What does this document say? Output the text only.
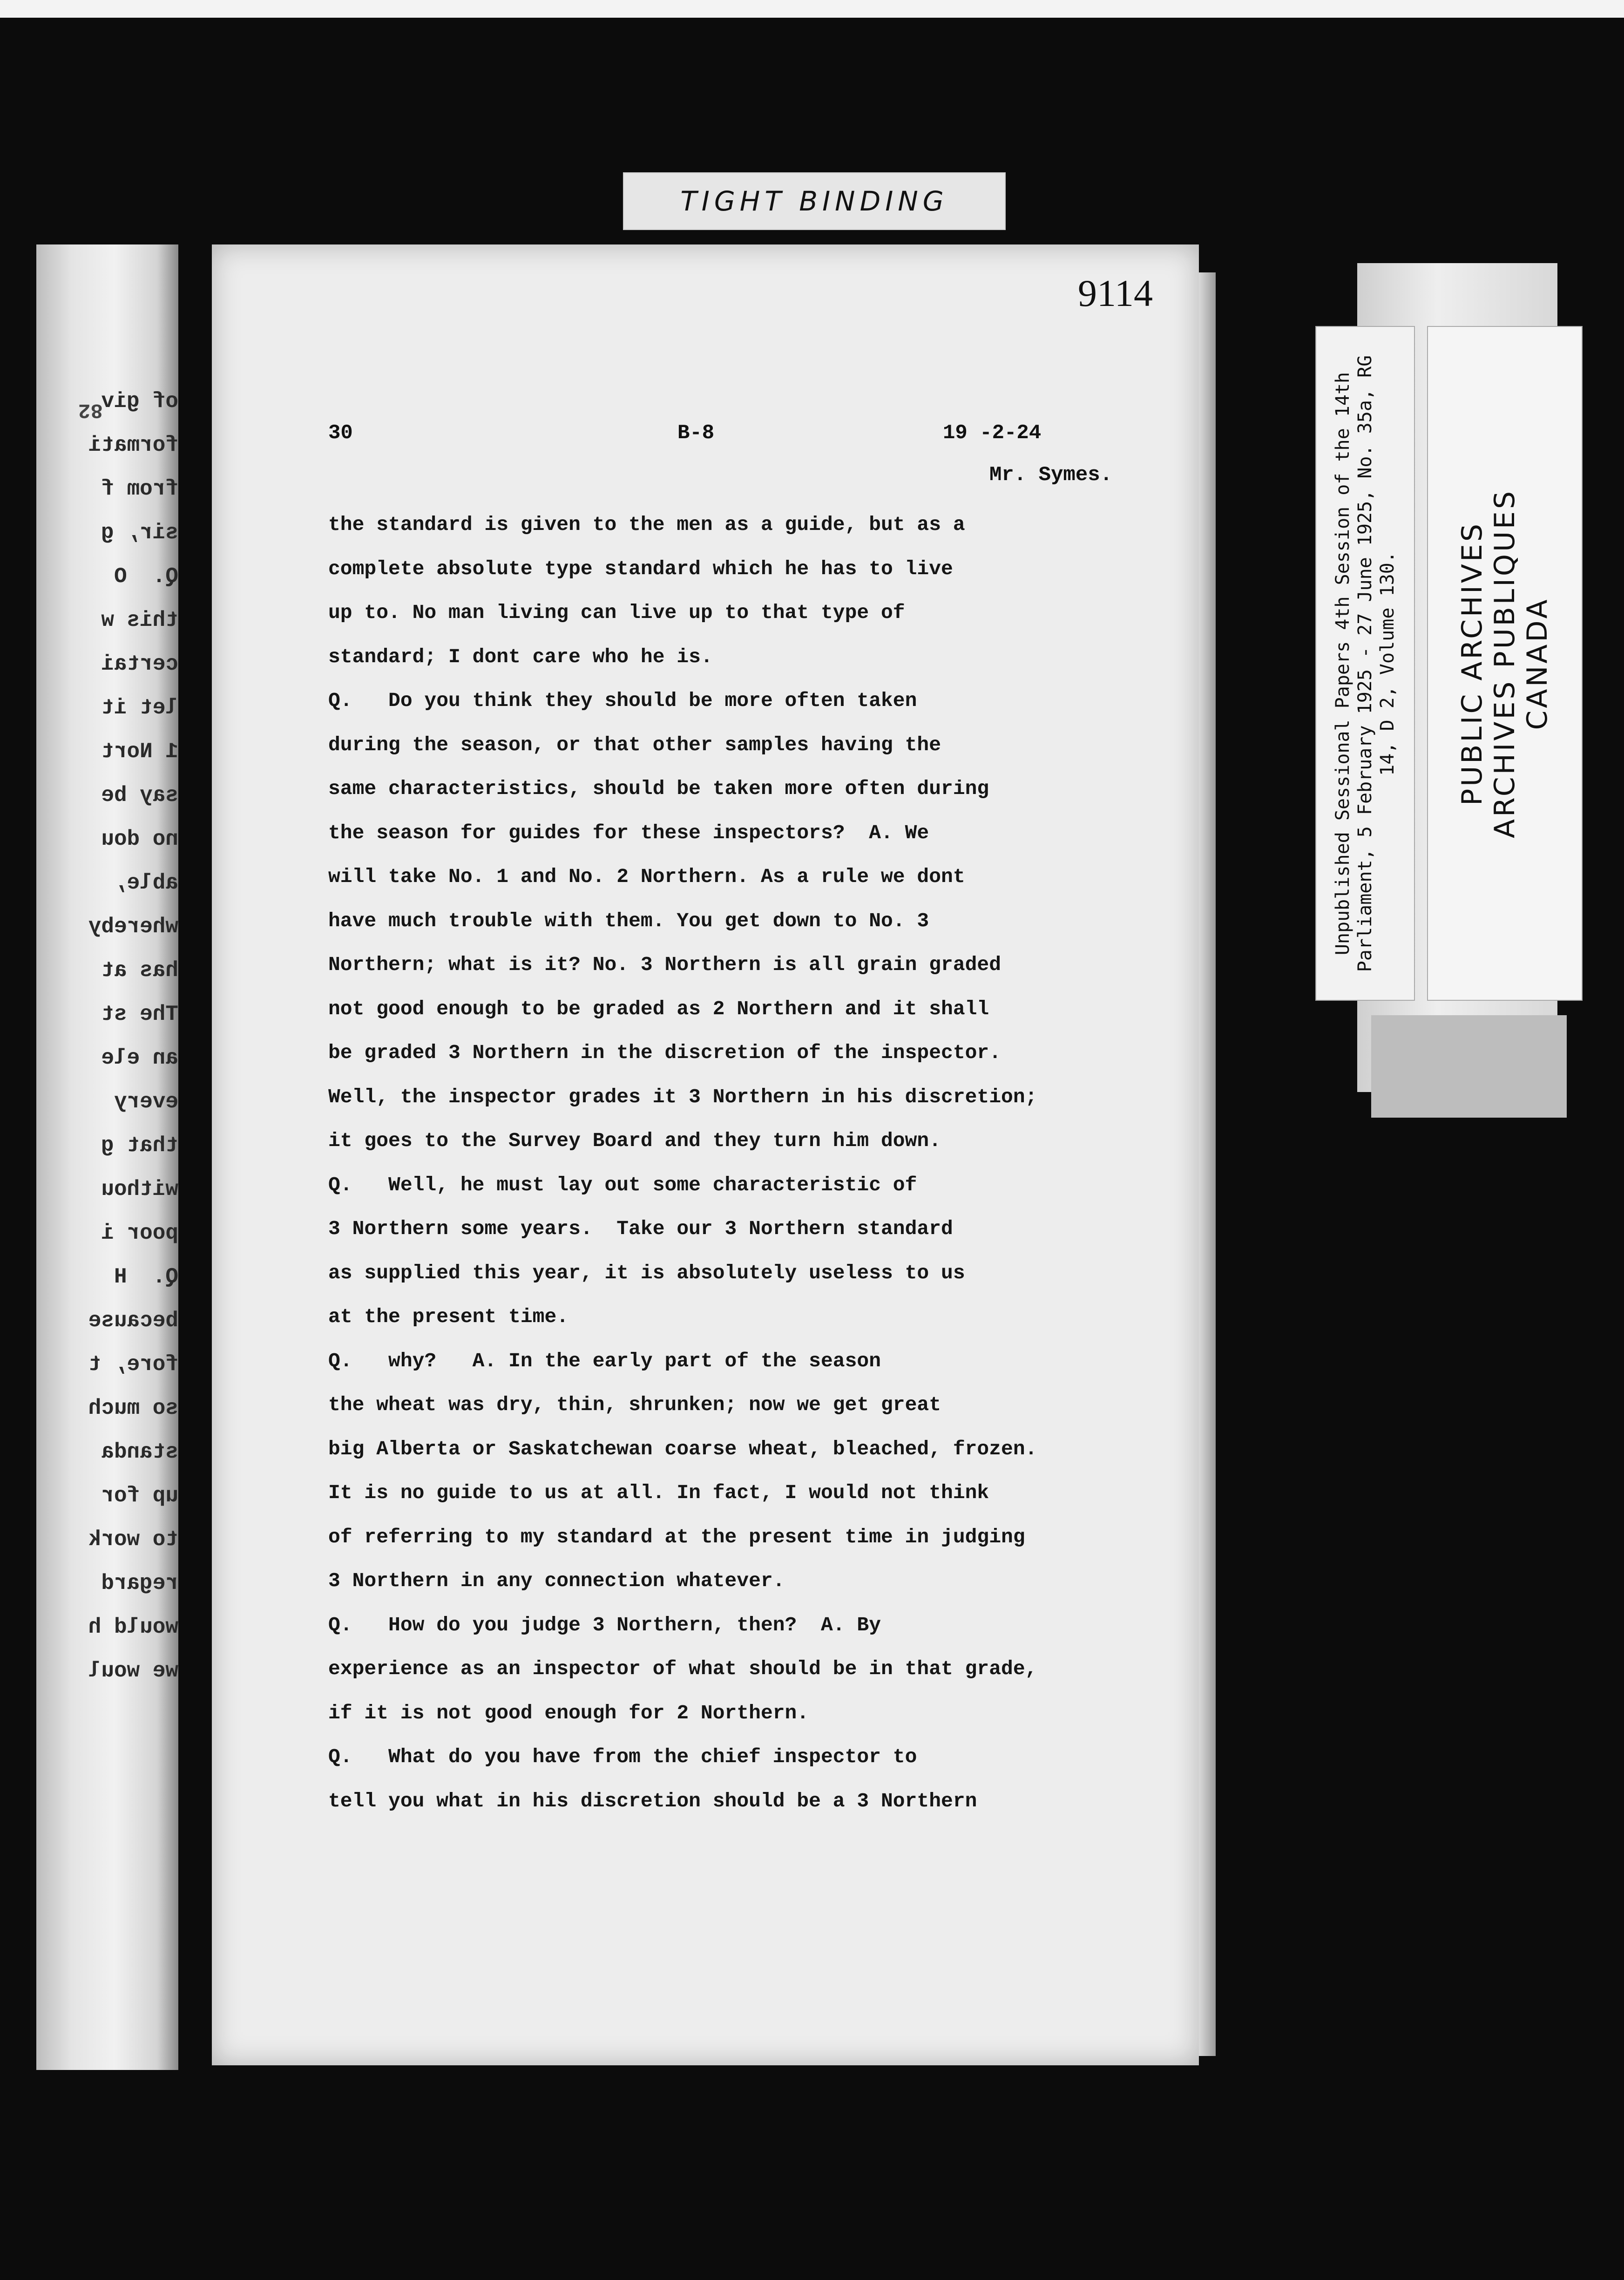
TIGHT BINDING
82
of giv
formati
from f
sir, g
Q.  O
this w
certai
let it
1 Nort
say be
no dou
able,
whereby
has at
The st
an ele
every
that g
withou
poor i
Q.  H
because
fore, t
so much
standa
up for
to work
regard
would h
we woul
9114
30	B-8	19 -2-24
Mr. Symes.
the standard is given to the men as a guide, but as a
complete absolute type standard which he has to live
up to. No man living can live up to that type of
standard; I dont care who he is.
Q.   Do you think they should be more often taken
during the season, or that other samples having the
same characteristics, should be taken more often during
the season for guides for these inspectors?  A. We
will take No. 1 and No. 2 Northern. As a rule we dont
have much trouble with them. You get down to No. 3
Northern; what is it? No. 3 Northern is all grain graded
not good enough to be graded as 2 Northern and it shall
be graded 3 Northern in the discretion of the inspector.
Well, the inspector grades it 3 Northern in his discretion;
it goes to the Survey Board and they turn him down.
Q.   Well, he must lay out some characteristic of
3 Northern some years.  Take our 3 Northern standard
as supplied this year, it is absolutely useless to us
at the present time.
Q.   why?   A. In the early part of the season
the wheat was dry, thin, shrunken; now we get great
big Alberta or Saskatchewan coarse wheat, bleached, frozen.
It is no guide to us at all. In fact, I would not think
of referring to my standard at the present time in judging
3 Northern in any connection whatever.
Q.   How do you judge 3 Northern, then?  A. By
experience as an inspector of what should be in that grade,
if it is not good enough for 2 Northern.
Q.   What do you have from the chief inspector to
tell you what in his discretion should be a 3 Northern
Unpublished Sessional Papers 4th Session of the 14th Parliament, 5 February 1925 - 27 June 1925, No. 35a, RG 14, D 2, Volume 130. PUBLIC ARCHIVES ARCHIVES PUBLIQUES CANADA
